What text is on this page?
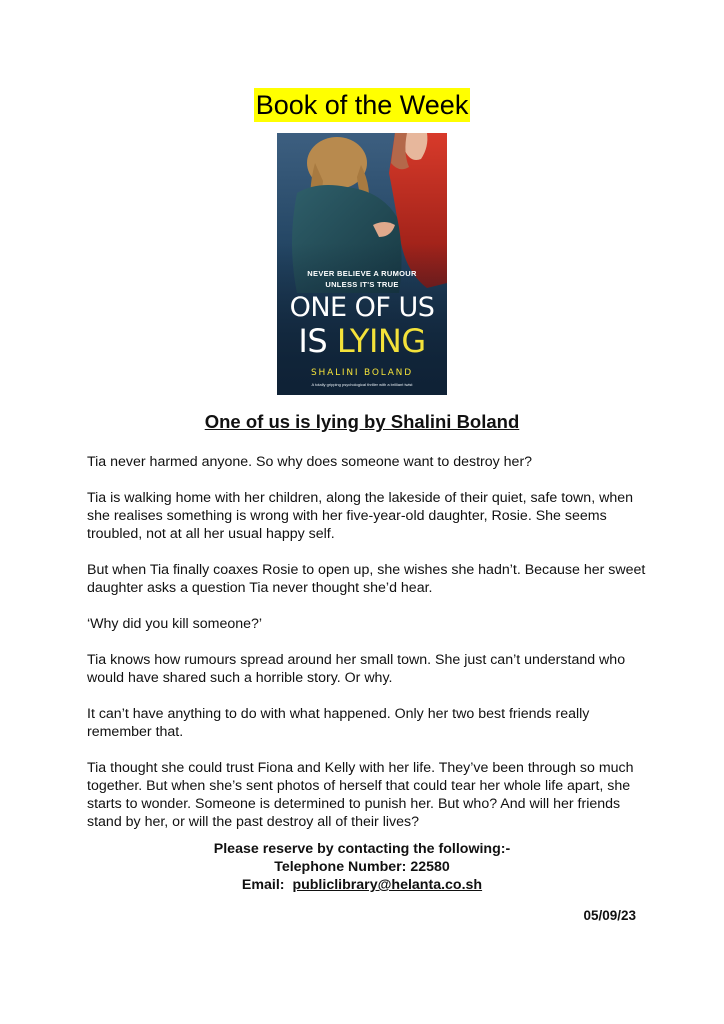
Book of the Week
NEVER BELIEVE A RUMOUR
UNLESS IT'S TRUE
ONE OF US
IS LYING
SHALINI BOLAND
A totally gripping psychological thriller with a brilliant twist
One of us is lying by Shalini Boland

Tia never harmed anyone. So why does someone want to destroy her?

Tia is walking home with her children, along the lakeside of their quiet, safe town, when she realises something is wrong with her five-year-old daughter, Rosie. She seems troubled, not at all her usual happy self.

But when Tia finally coaxes Rosie to open up, she wishes she hadn’t. Because her sweet daughter asks a question Tia never thought she’d hear.

‘Why did you kill someone?’

Tia knows how rumours spread around her small town. She just can’t understand who would have shared such a horrible story. Or why.

It can’t have anything to do with what happened. Only her two best friends really remember that.

Tia thought she could trust Fiona and Kelly with her life. They’ve been through so much together. But when she’s sent photos of herself that could tear her whole life apart, she starts to wonder. Someone is determined to punish her. But who? And will her friends stand by her, or will the past destroy all of their lives?

Please reserve by contacting the following:-
Telephone Number: 22580
Email: publiclibrary@helanta.co.sh
05/09/23
